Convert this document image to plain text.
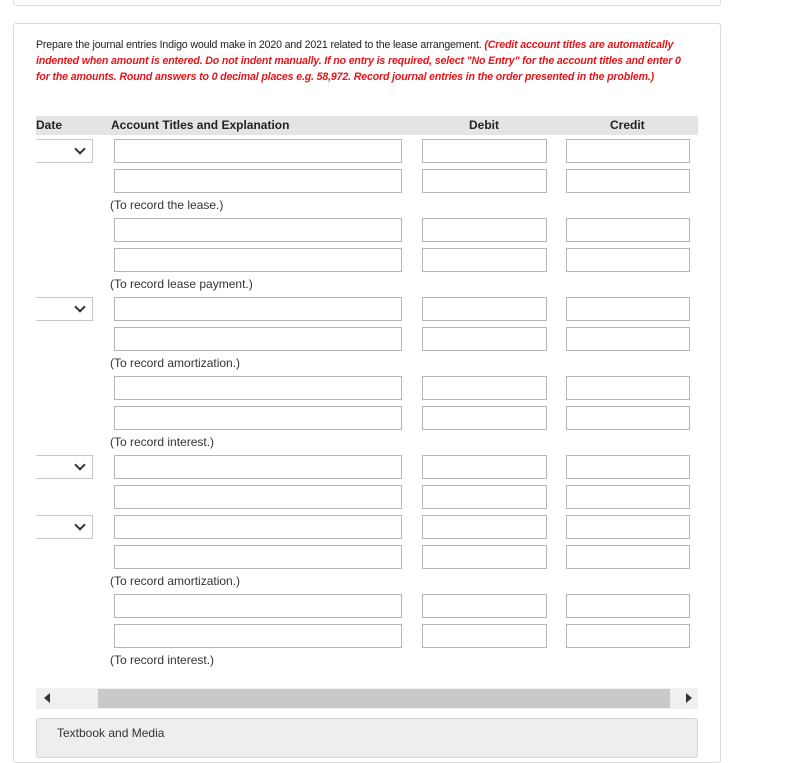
Prepare the journal entries Indigo would make in 2020 and 2021 related to the lease arrangement. (Credit account titles are automatically indented when amount is entered. Do not indent manually. If no entry is required, select "No Entry" for the account titles and enter 0 for the amounts. Round answers to 0 decimal places e.g. 58,972. Record journal entries in the order presented in the problem.)
Date	Account Titles and Explanation	Debit	Credit
(To record the lease.)
(To record lease payment.)
(To record amortization.)
(To record interest.)
(To record amortization.)
(To record interest.)
Textbook and Media
